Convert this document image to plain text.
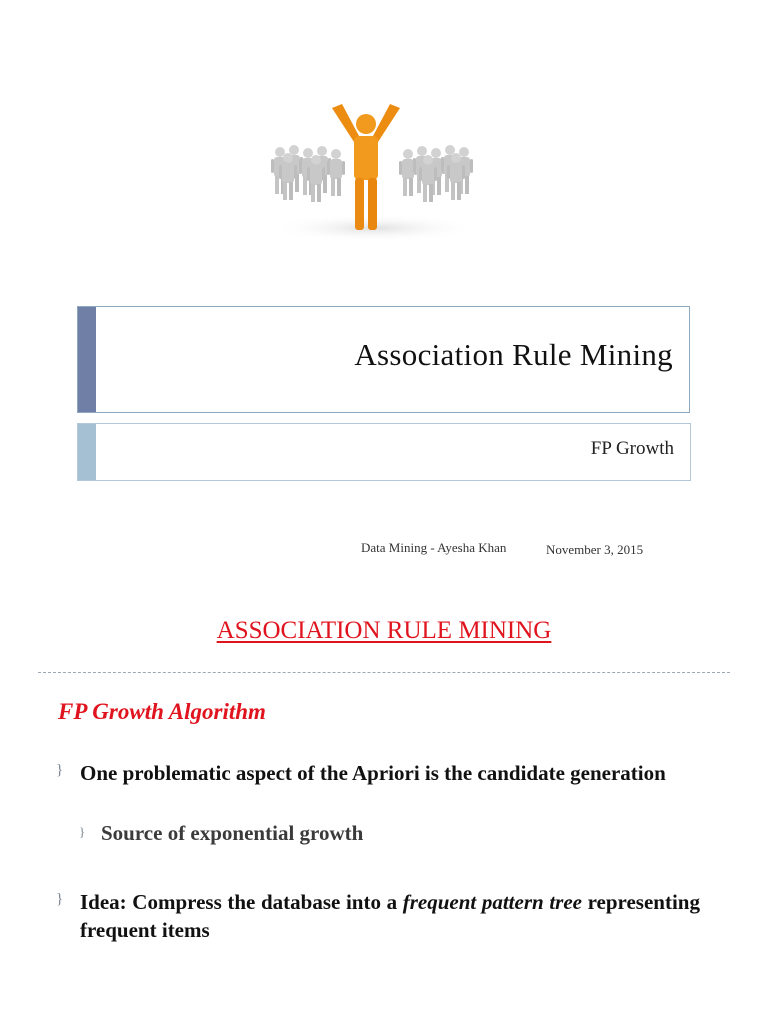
Association Rule Mining
FP Growth
Data Mining - Ayesha Khan	November 3, 2015
ASSOCIATION RULE MINING
FP Growth Algorithm
} One problematic aspect of the Apriori is the candidate generation
} Source of exponential growth
} Idea: Compress the database into a frequent pattern tree representing frequent items
